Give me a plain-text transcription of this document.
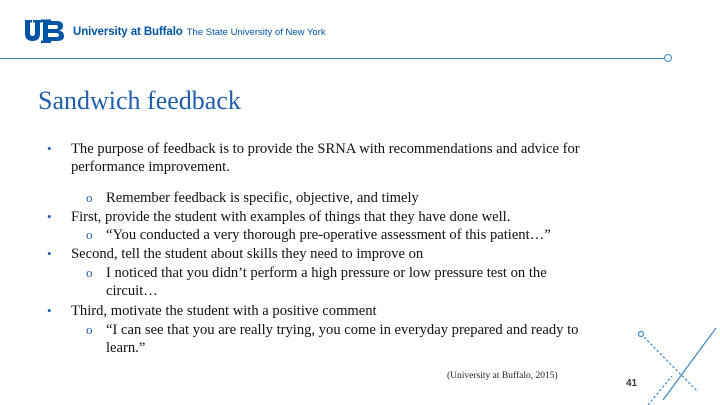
University at Buffalo The State University of New York
Sandwich feedback
• The purpose of feedback is to provide the SRNA with recommendations and advice for
performance improvement.
o Remember feedback is specific, objective, and timely
• First, provide the student with examples of things that they have done well.
o “You conducted a very thorough pre-operative assessment of this patient…”
• Second, tell the student about skills they need to improve on
o I noticed that you didn’t perform a high pressure or low pressure test on the
circuit…
• Third, motivate the student with a positive comment
o “I can see that you are really trying, you come in everyday prepared and ready to
learn.”
(University at Buffalo, 2015)
41
